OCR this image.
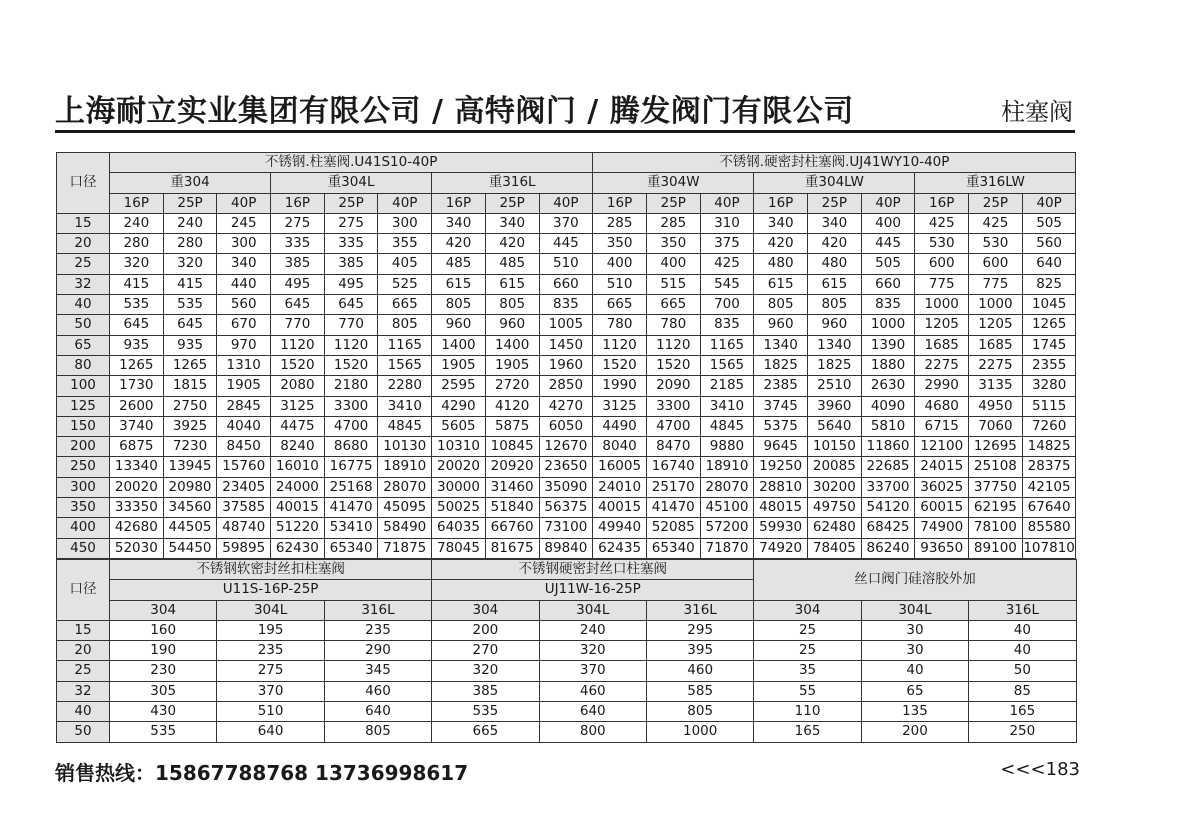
上海耐立实业集团有限公司 / 高特阀门 / 腾发阀门有限公司	柱塞阀
口径	不锈钢.柱塞阀.U41S10-40P									不锈钢.硬密封柱塞阀.UJ41WY10-40P								
	重304			重304L			重316L			重304W			重304LW			重316LW		
	16P	25P	40P	16P	25P	40P	16P	25P	40P	16P	25P	40P	16P	25P	40P	16P	25P	40P
15	240	240	245	275	275	300	340	340	370	285	285	310	340	340	400	425	425	505
20	280	280	300	335	335	355	420	420	445	350	350	375	420	420	445	530	530	560
25	320	320	340	385	385	405	485	485	510	400	400	425	480	480	505	600	600	640
32	415	415	440	495	495	525	615	615	660	510	515	545	615	615	660	775	775	825
40	535	535	560	645	645	665	805	805	835	665	665	700	805	805	835	1000	1000	1045
50	645	645	670	770	770	805	960	960	1005	780	780	835	960	960	1000	1205	1205	1265
65	935	935	970	1120	1120	1165	1400	1400	1450	1120	1120	1165	1340	1340	1390	1685	1685	1745
80	1265	1265	1310	1520	1520	1565	1905	1905	1960	1520	1520	1565	1825	1825	1880	2275	2275	2355
100	1730	1815	1905	2080	2180	2280	2595	2720	2850	1990	2090	2185	2385	2510	2630	2990	3135	3280
125	2600	2750	2845	3125	3300	3410	4290	4120	4270	3125	3300	3410	3745	3960	4090	4680	4950	5115
150	3740	3925	4040	4475	4700	4845	5605	5875	6050	4490	4700	4845	5375	5640	5810	6715	7060	7260
200	6875	7230	8450	8240	8680	10130	10310	10845	12670	8040	8470	9880	9645	10150	11860	12100	12695	14825
250	13340	13945	15760	16010	16775	18910	20020	20920	23650	16005	16740	18910	19250	20085	22685	24015	25108	28375
300	20020	20980	23405	24000	25168	28070	30000	31460	35090	24010	25170	28070	28810	30200	33700	36025	37750	42105
350	33350	34560	37585	40015	41470	45095	50025	51840	56375	40015	41470	45100	48015	49750	54120	60015	62195	67640
400	42680	44505	48740	51220	53410	58490	64035	66760	73100	49940	52085	57200	59930	62480	68425	74900	78100	85580
450	52030	54450	59895	62430	65340	71875	78045	81675	89840	62435	65340	71870	74920	78405	86240	93650	89100	107810
口径	不锈钢软密封丝扣柱塞阀			不锈钢硬密封丝口柱塞阀			丝口阀门硅溶胶外加		
	U11S-16P-25P			UJ11W-16-25P					
	304	304L	316L	304	304L	316L	304	304L	316L
15	160	195	235	200	240	295	25	30	40
20	190	235	290	270	320	395	25	30	40
25	230	275	345	320	370	460	35	40	50
32	305	370	460	385	460	585	55	65	85
40	430	510	640	535	640	805	110	135	165
50	535	640	805	665	800	1000	165	200	250
销售热线：15867788768 13736998617	<<<183
